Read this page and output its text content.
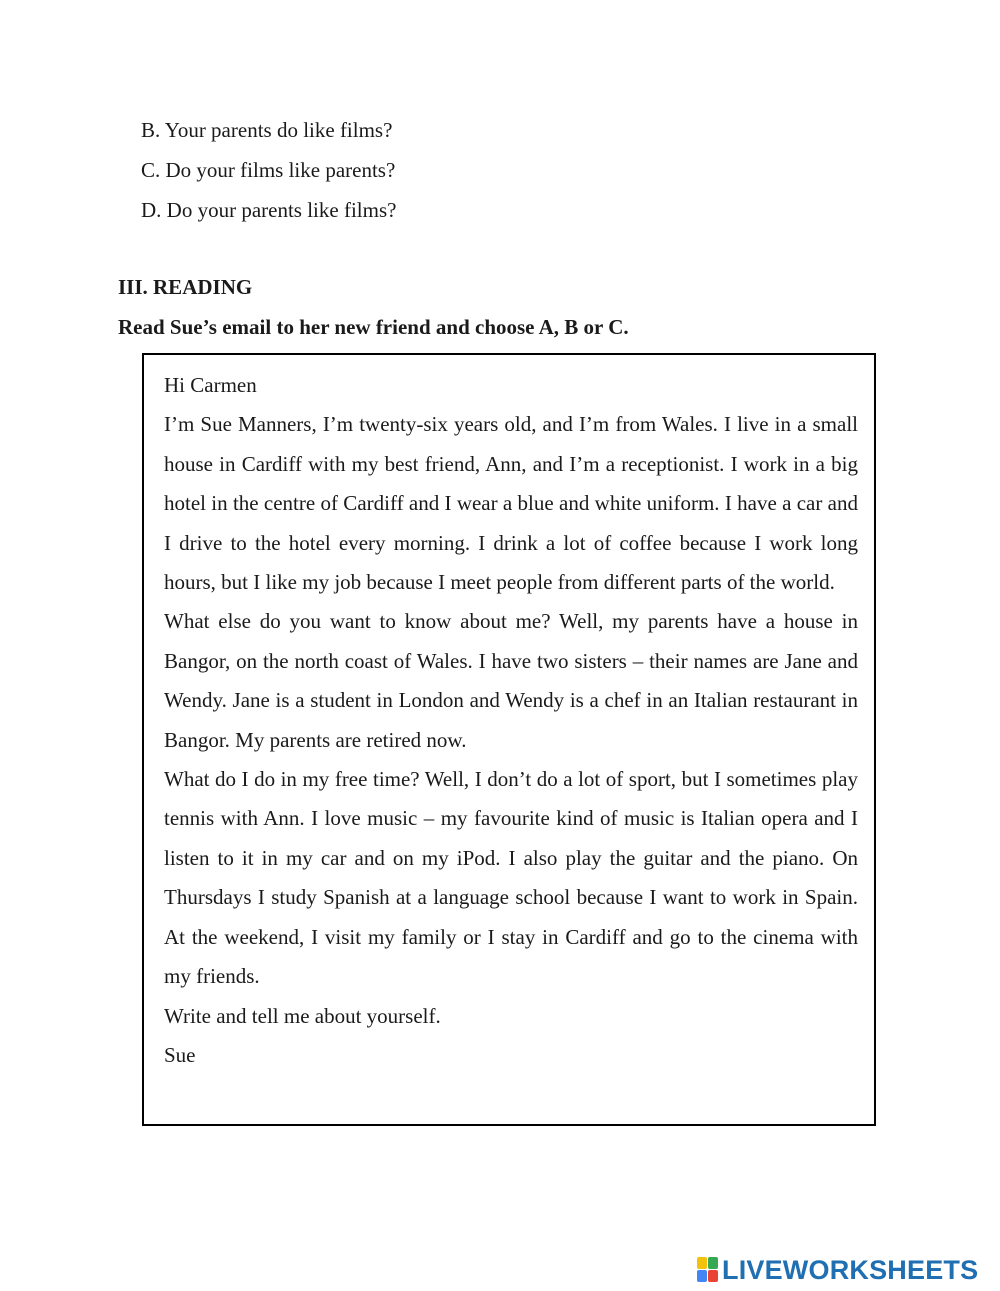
B. Your parents do like films?

C. Do your films like parents?

D. Do your parents like films?

III. READING

Read Sue’s email to her new friend and choose A, B or C.

Hi Carmen

I’m Sue Manners, I’m twenty-six years old, and I’m from Wales. I live in a small house in Cardiff with my best friend, Ann, and I’m a receptionist. I work in a big hotel in the centre of Cardiff and I wear a blue and white uniform. I have a car and I drive to the hotel every morning. I drink a lot of coffee because I work long hours, but I like my job because I meet people from different parts of the world.

What else do you want to know about me? Well, my parents have a house in Bangor, on the north coast of Wales. I have two sisters – their names are Jane and Wendy. Jane is a student in London and Wendy is a chef in an Italian restaurant in Bangor. My parents are retired now.

What do I do in my free time? Well, I don’t do a lot of sport, but I sometimes play tennis with Ann. I love music – my favourite kind of music is Italian opera and I listen to it in my car and on my iPod. I also play the guitar and the piano. On Thursdays I study Spanish at a language school because I want to work in Spain. At the weekend, I visit my family or I stay in Cardiff and go to the cinema with my friends.

Write and tell me about yourself.

Sue

LIVEWORKSHEETS
